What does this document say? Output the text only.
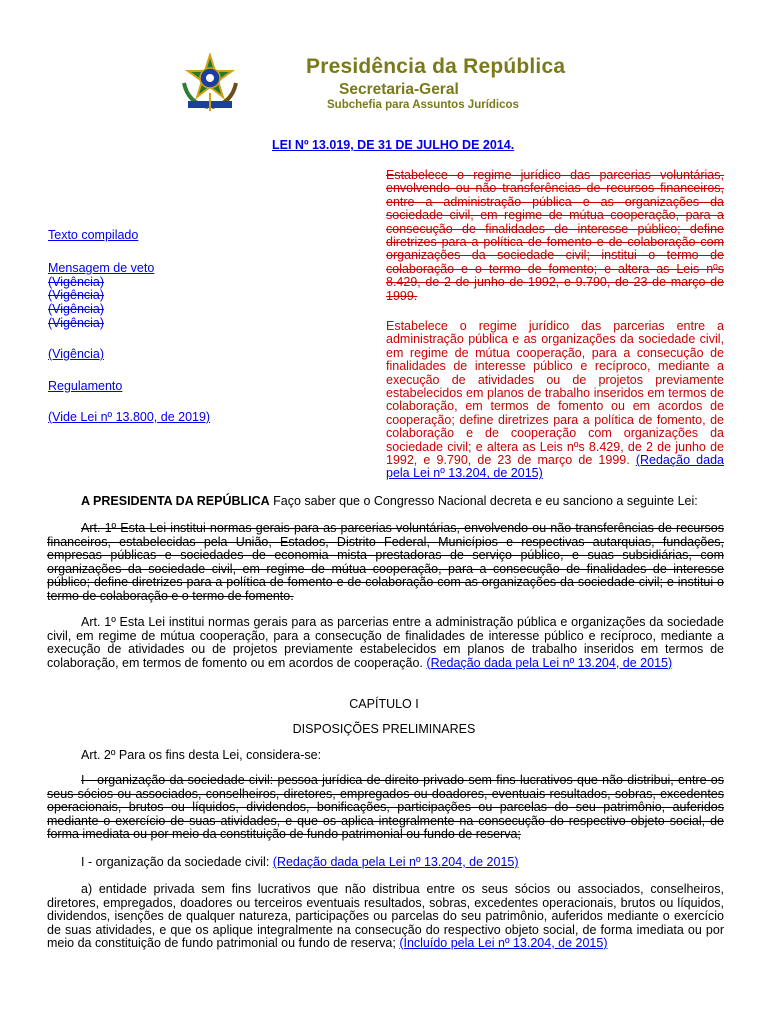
Presidência da República
Secretaria-Geral
Subchefia para Assuntos Jurídicos
LEI Nº 13.019, DE 31 DE JULHO DE 2014.
Texto compilado
Mensagem de veto
(Vigência)
(Vigência)
(Vigência)
(Vigência)
(Vigência)
Regulamento
(Vide Lei nº 13.800, de 2019)
Estabelece o regime jurídico das parcerias voluntárias, envolvendo ou não transferências de recursos financeiros, entre a administração pública e as organizações da sociedade civil, em regime de mútua cooperação, para a consecução de finalidades de interesse público; define diretrizes para a política de fomento e de colaboração com organizações da sociedade civil; institui o termo de colaboração e o termo de fomento; e altera as Leis nºs 8.429, de 2 de junho de 1992, e 9.790, de 23 de março de 1999.
Estabelece o regime jurídico das parcerias entre a administração pública e as organizações da sociedade civil, em regime de mútua cooperação, para a consecução de finalidades de interesse público e recíproco, mediante a execução de atividades ou de projetos previamente estabelecidos em planos de trabalho inseridos em termos de colaboração, em termos de fomento ou em acordos de cooperação; define diretrizes para a política de fomento, de colaboração e de cooperação com organizações da sociedade civil; e altera as Leis nºs 8.429, de 2 de junho de 1992, e 9.790, de 23 de março de 1999. (Redação dada pela Lei nº 13.204, de 2015)
A PRESIDENTA DA REPÚBLICA Faço saber que o Congresso Nacional decreta e eu sanciono a seguinte Lei:
Art. 1º Esta Lei institui normas gerais para as parcerias voluntárias, envolvendo ou não transferências de recursos financeiros, estabelecidas pela União, Estados, Distrito Federal, Municípios e respectivas autarquias, fundações, empresas públicas e sociedades de economia mista prestadoras de serviço público, e suas subsidiárias, com organizações da sociedade civil, em regime de mútua cooperação, para a consecução de finalidades de interesse público; define diretrizes para a política de fomento e de colaboração com as organizações da sociedade civil; e institui o termo de colaboração e o termo de fomento.
Art. 1º Esta Lei institui normas gerais para as parcerias entre a administração pública e organizações da sociedade civil, em regime de mútua cooperação, para a consecução de finalidades de interesse público e recíproco, mediante a execução de atividades ou de projetos previamente estabelecidos em planos de trabalho inseridos em termos de colaboração, em termos de fomento ou em acordos de cooperação. (Redação dada pela Lei nº 13.204, de 2015)
CAPÍTULO I
DISPOSIÇÕES PRELIMINARES
Art. 2º Para os fins desta Lei, considera-se:
I - organização da sociedade civil: pessoa jurídica de direito privado sem fins lucrativos que não distribui, entre os seus sócios ou associados, conselheiros, diretores, empregados ou doadores, eventuais resultados, sobras, excedentes operacionais, brutos ou líquidos, dividendos, bonificações, participações ou parcelas do seu patrimônio, auferidos mediante o exercício de suas atividades, e que os aplica integralmente na consecução do respectivo objeto social, de forma imediata ou por meio da constituição de fundo patrimonial ou fundo de reserva;
I - organização da sociedade civil: (Redação dada pela Lei nº 13.204, de 2015)
a) entidade privada sem fins lucrativos que não distribua entre os seus sócios ou associados, conselheiros, diretores, empregados, doadores ou terceiros eventuais resultados, sobras, excedentes operacionais, brutos ou líquidos, dividendos, isenções de qualquer natureza, participações ou parcelas do seu patrimônio, auferidos mediante o exercício de suas atividades, e que os aplique integralmente na consecução do respectivo objeto social, de forma imediata ou por meio da constituição de fundo patrimonial ou fundo de reserva; (Incluído pela Lei nº 13.204, de 2015)
